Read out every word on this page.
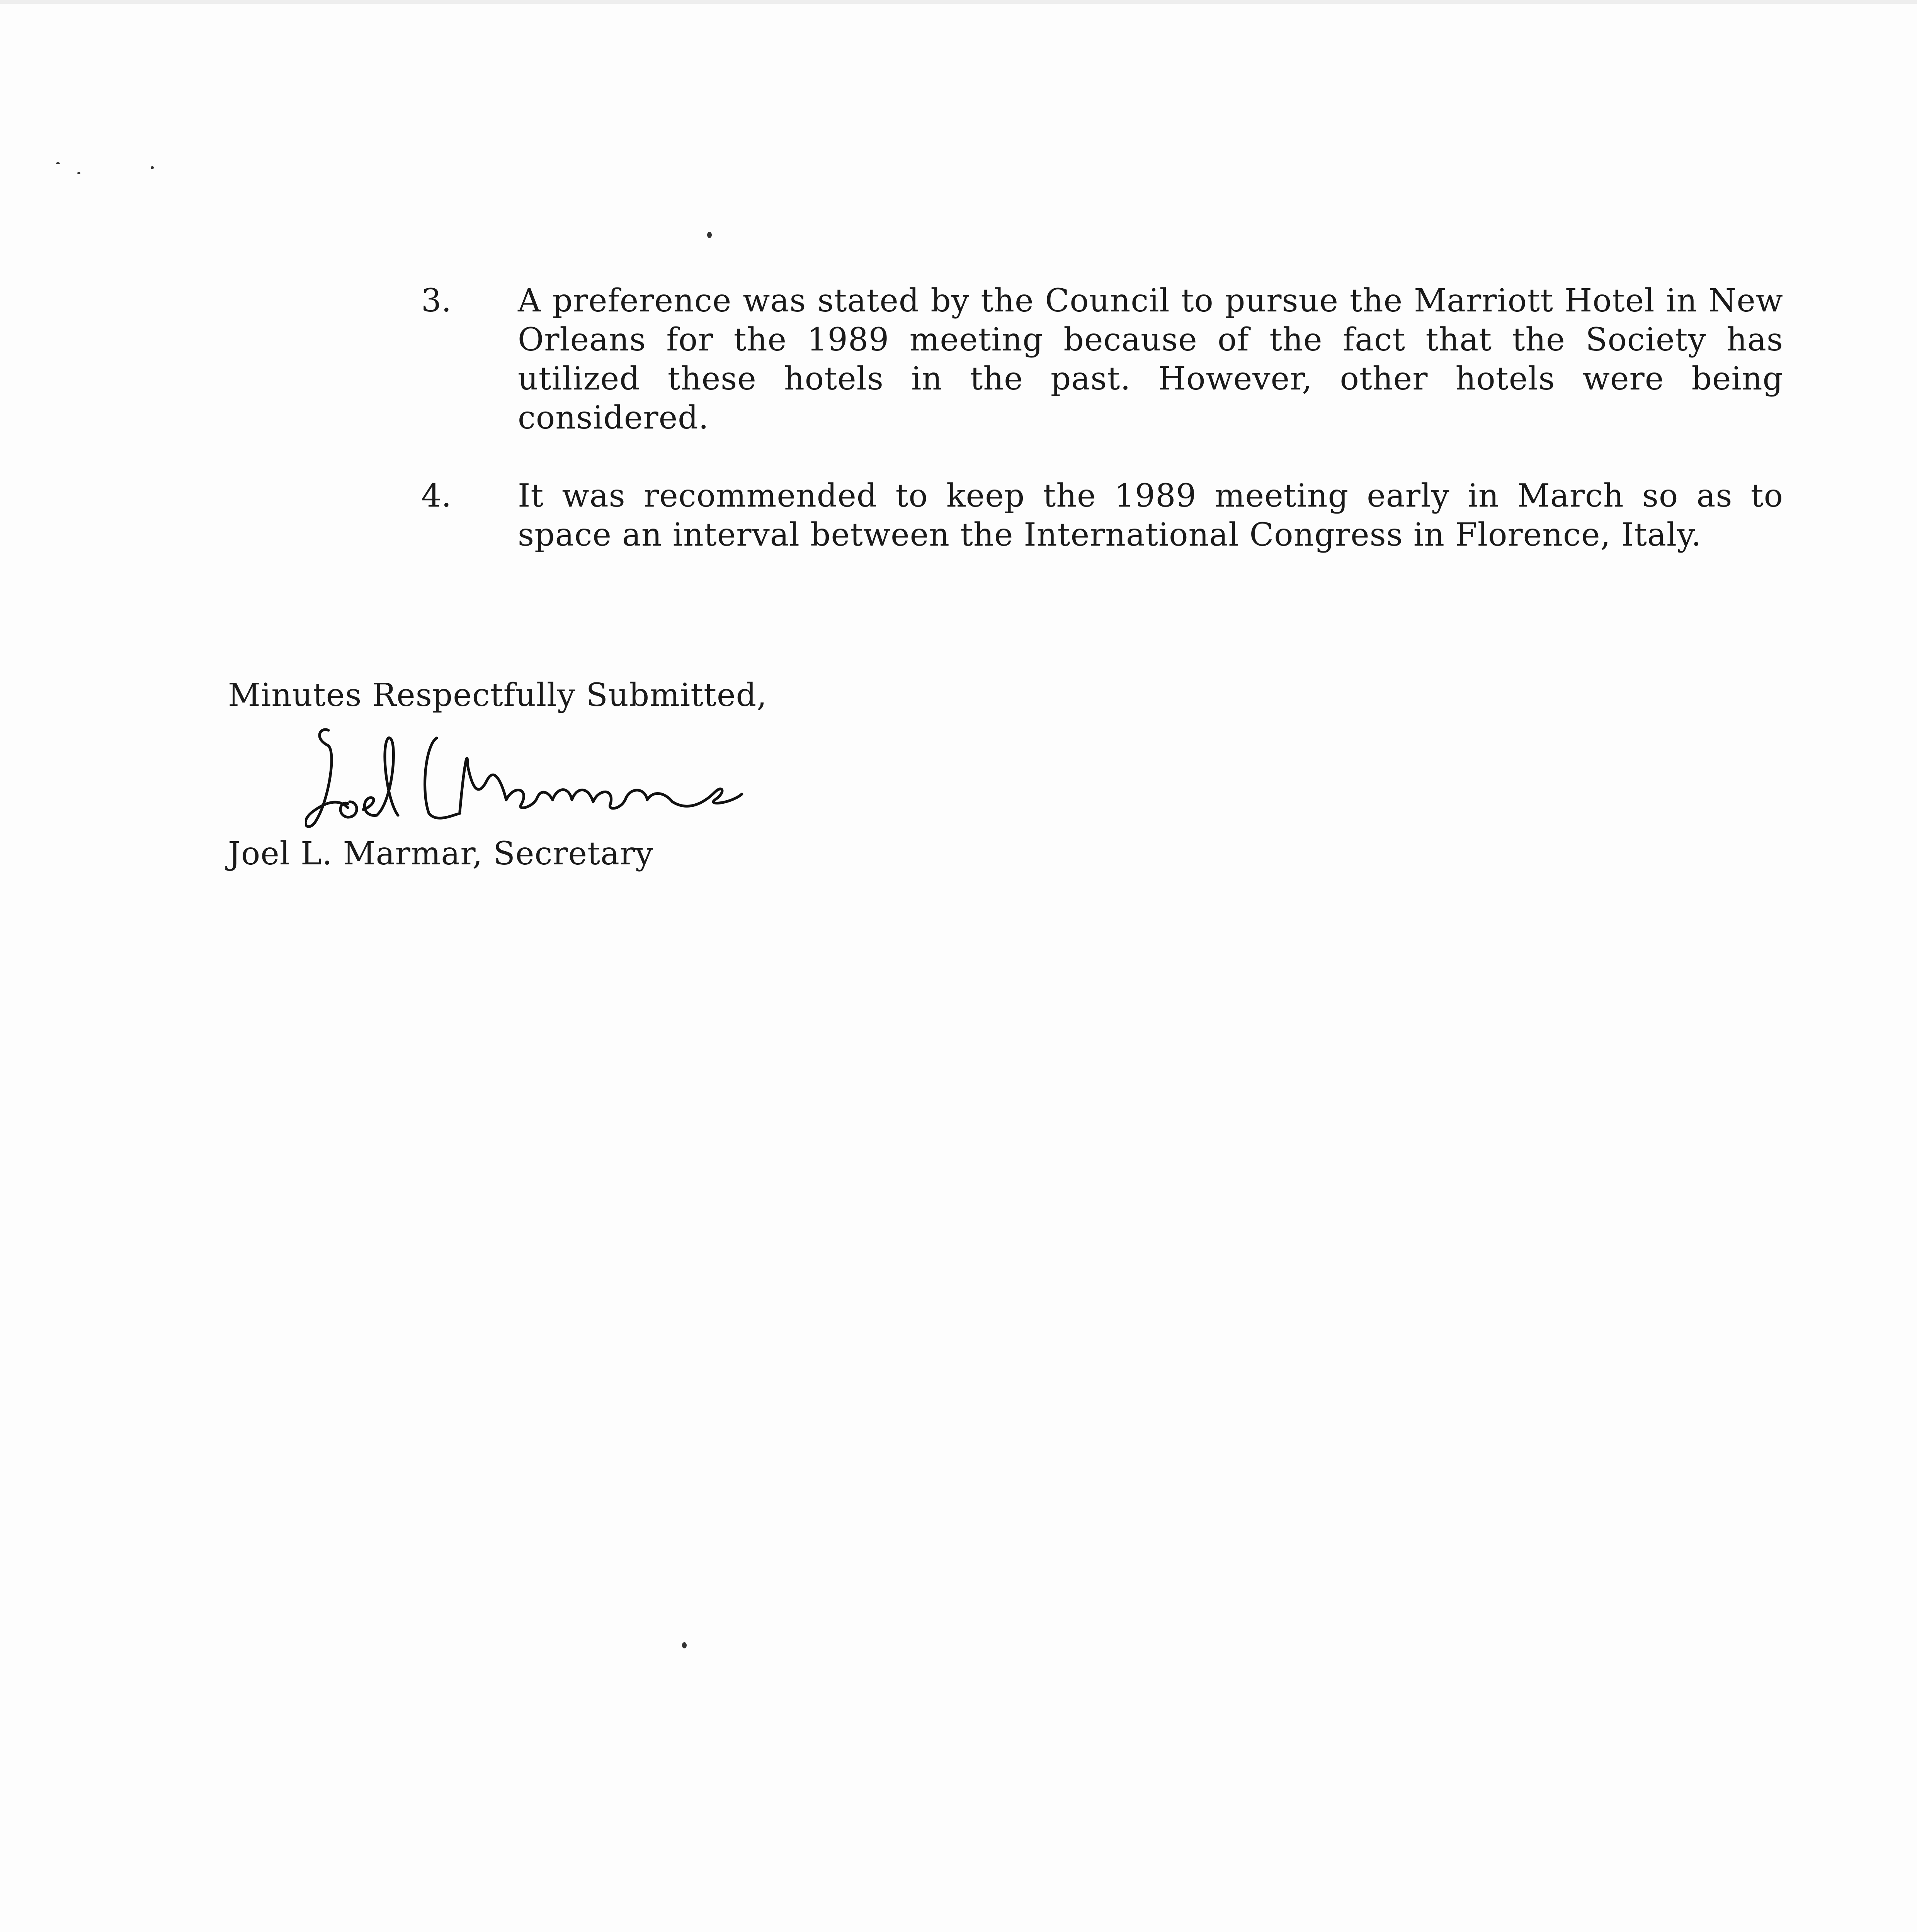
3.	A preference was stated by the Council to pursue the Marriott Hotel in New Orleans for the 1989 meeting because of the fact that the Society has utilized these hotels in the past. However, other hotels were being considered.
4.	It was recommended to keep the 1989 meeting early in March so as to space an interval between the International Congress in Florence, Italy.
Minutes Respectfully Submitted,
Joel L. Marmar, Secretary
